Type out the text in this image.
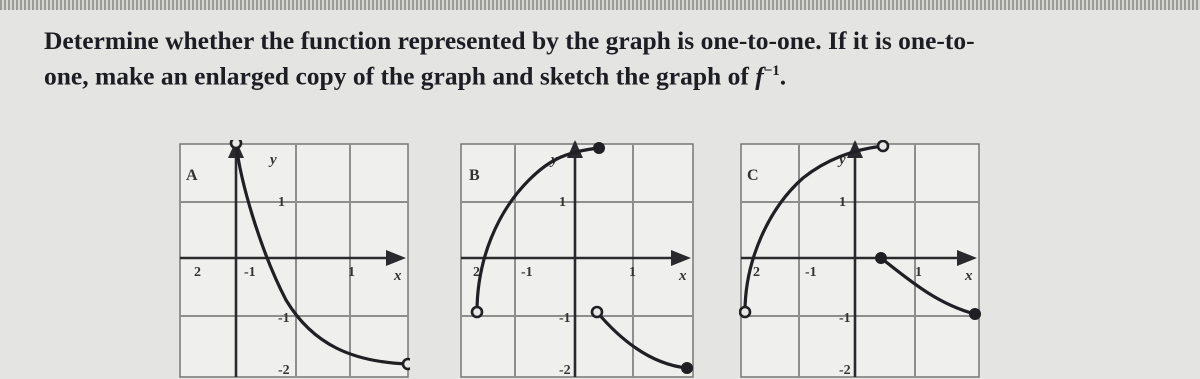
Determine whether the function represented by the graph is one-to-one. If it is one-to-
one, make an enlarged copy of the graph and sketch the graph of $f^{-1}$.

A
y
x
2	-1	1
1
-1
-2
B
y
x
2	-1	1
1
-1
-2
C
y
x
2	-1	1
1
-1
-2
